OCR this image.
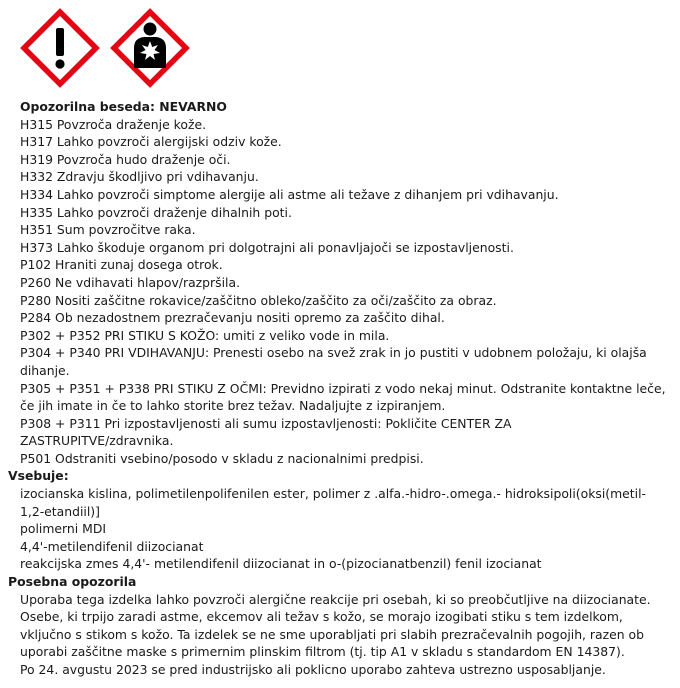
Opozorilna beseda: NEVARNO
H315 Povzroča draženje kože.
H317 Lahko povzroči alergijski odziv kože.
H319 Povzroča hudo draženje oči.
H332 Zdravju škodljivo pri vdihavanju.
H334 Lahko povzroči simptome alergije ali astme ali težave z dihanjem pri vdihavanju.
H335 Lahko povzroči draženje dihalnih poti.
H351 Sum povzročitve raka.
H373 Lahko škoduje organom pri dolgotrajni ali ponavljajoči se izpostavljenosti.
P102 Hraniti zunaj dosega otrok.
P260 Ne vdihavati hlapov/razpršila.
P280 Nositi zaščitne rokavice/zaščitno obleko/zaščito za oči/zaščito za obraz.
P284 Ob nezadostnem prezračevanju nositi opremo za zaščito dihal.
P302 + P352 PRI STIKU S KOŽO: umiti z veliko vode in mila.
P304 + P340 PRI VDIHAVANJU: Prenesti osebo na svež zrak in jo pustiti v udobnem položaju, ki olajša dihanje.
P305 + P351 + P338 PRI STIKU Z OČMI: Previdno izpirati z vodo nekaj minut. Odstranite kontaktne leče, če jih imate in če to lahko storite brez težav. Nadaljujte z izpiranjem.
P308 + P311 Pri izpostavljenosti ali sumu izpostavljenosti: Pokličite CENTER ZA ZASTRUPITVE/zdravnika.
P501 Odstraniti vsebino/posodo v skladu z nacionalnimi predpisi.
Vsebuje:
izocianska kislina, polimetilenpolifenilen ester, polimer z .alfa.-hidro-.omega.- hidroksipoli(oksi(metil-1,2-etandiil)]
polimerni MDI
4,4'-metilendifenil diizocianat
reakcijska zmes 4,4'- metilendifenil diizocianat in o-(pizocianatbenzil) fenil izocianat
Posebna opozorila
Uporaba tega izdelka lahko povzroči alergične reakcije pri osebah, ki so preobčutljive na diizocianate. Osebe, ki trpijo zaradi astme, ekcemov ali težav s kožo, se morajo izogibati stiku s tem izdelkom, vključno s stikom s kožo. Ta izdelek se ne sme uporabljati pri slabih prezračevalnih pogojih, razen ob uporabi zaščitne maske s primernim plinskim filtrom (tj. tip A1 v skladu s standardom EN 14387).
Po 24. avgustu 2023 se pred industrijsko ali poklicno uporabo zahteva ustrezno usposabljanje.
